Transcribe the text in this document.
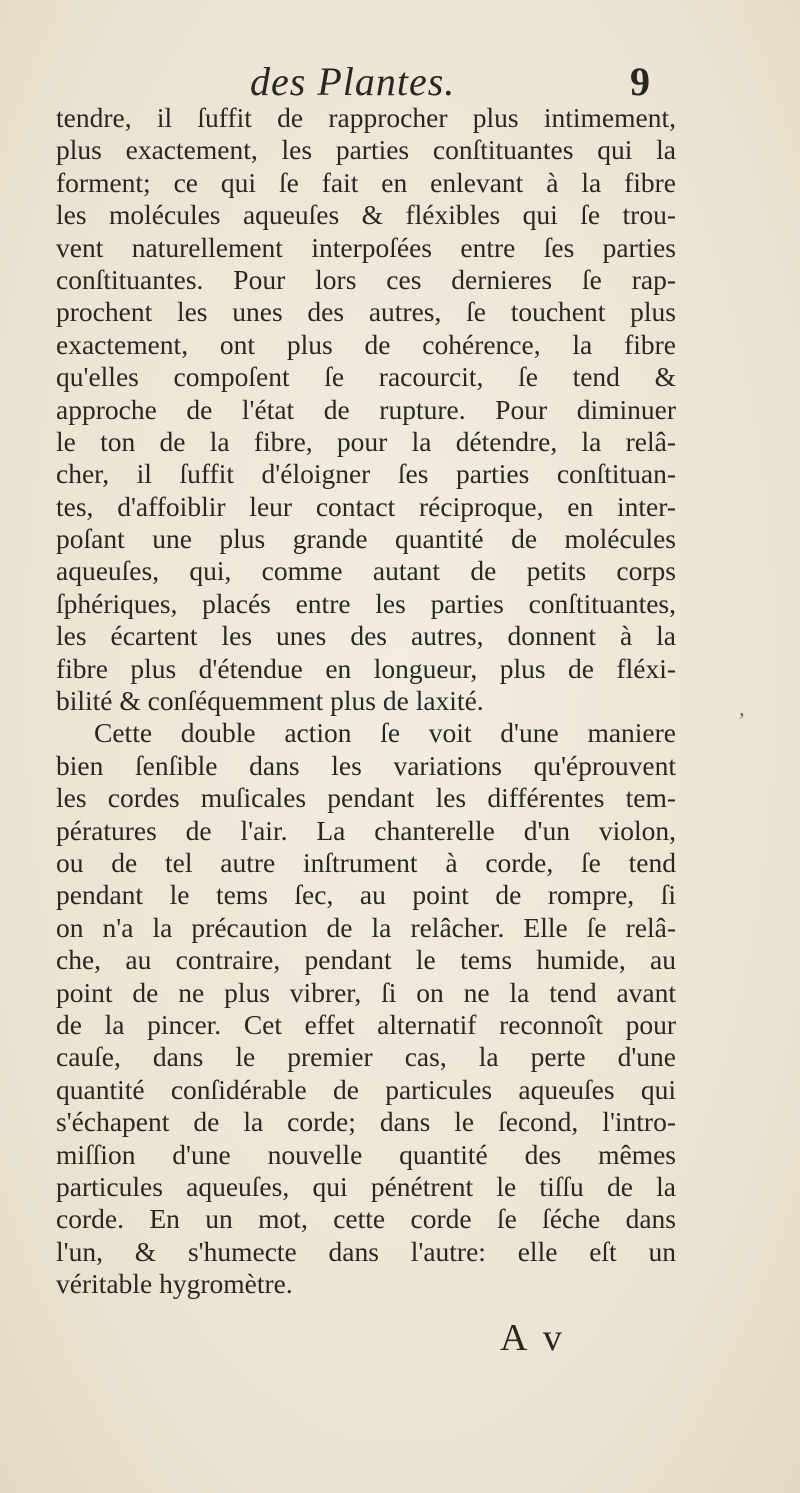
des Plantes.	9
tendre, il ſuffit de rapprocher plus intimement,
plus exactement, les parties conſtituantes qui la
forment; ce qui ſe fait en enlevant à la fibre
les molécules aqueuſes & fléxibles qui ſe trou-
vent naturellement interpoſées entre ſes parties
conſtituantes. Pour lors ces dernieres ſe rap-
prochent les unes des autres, ſe touchent plus
exactement, ont plus de cohérence, la fibre
qu'elles compoſent ſe racourcit, ſe tend &
approche de l'état de rupture. Pour diminuer
le ton de la fibre, pour la détendre, la relâ-
cher, il ſuffit d'éloigner ſes parties conſtituan-
tes, d'affoiblir leur contact réciproque, en inter-
poſant une plus grande quantité de molécules
aqueuſes, qui, comme autant de petits corps
ſphériques, placés entre les parties conſtituantes,
les écartent les unes des autres, donnent à la
fibre plus d'étendue en longueur, plus de fléxi-
bilité & conſéquemment plus de laxité.
Cette double action ſe voit d'une maniere
bien ſenſible dans les variations qu'éprouvent
les cordes muſicales pendant les différentes tem-
pératures de l'air. La chanterelle d'un violon,
ou de tel autre inſtrument à corde, ſe tend
pendant le tems ſec, au point de rompre, ſi
on n'a la précaution de la relâcher. Elle ſe relâ-
che, au contraire, pendant le tems humide, au
point de ne plus vibrer, ſi on ne la tend avant
de la pincer. Cet effet alternatif reconnoît pour
cauſe, dans le premier cas, la perte d'une
quantité conſidérable de particules aqueuſes qui
s'échapent de la corde; dans le ſecond, l'intro-
miſſion d'une nouvelle quantité des mêmes
particules aqueuſes, qui pénétrent le tiſſu de la
corde. En un mot, cette corde ſe ſéche dans
l'un, & s'humecte dans l'autre: elle eſt un
véritable hygromètre.
ʼ
A v
